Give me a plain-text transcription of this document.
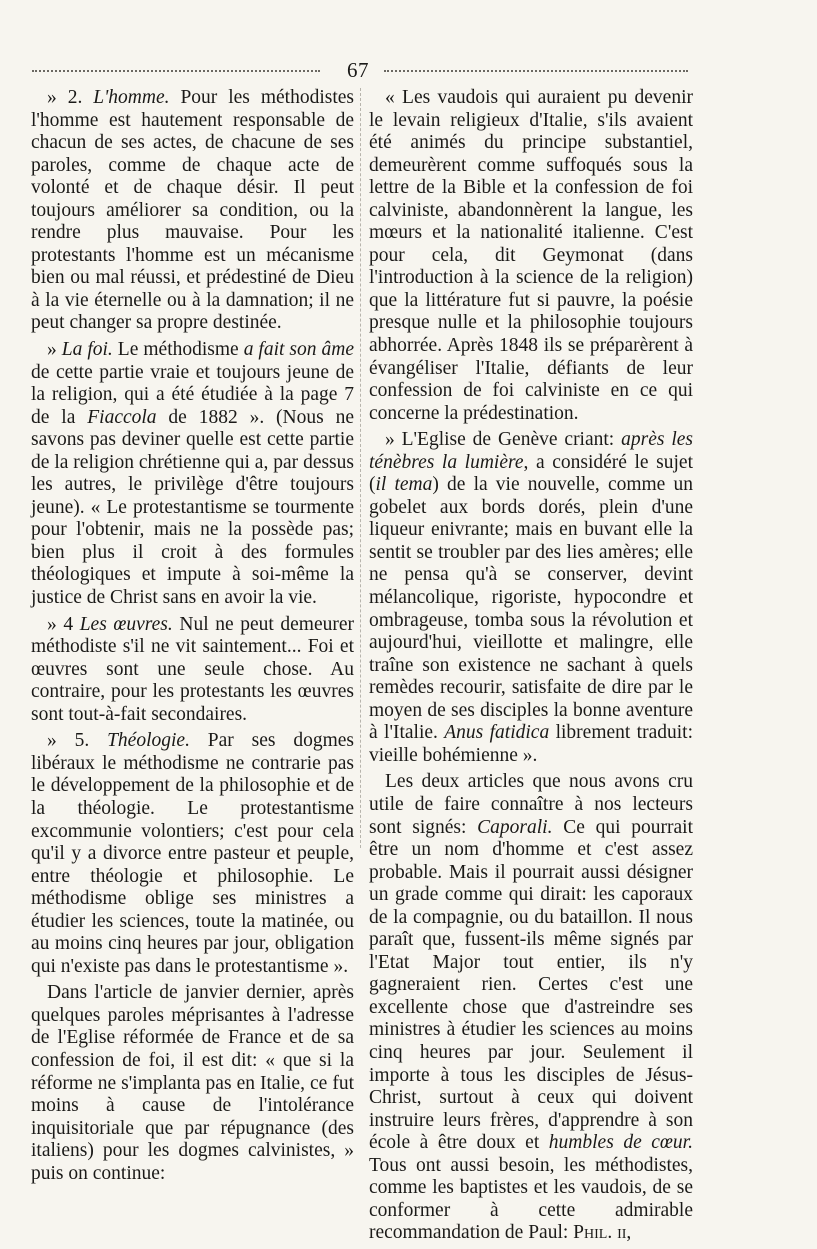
67

» 2. L'homme. Pour les méthodistes l'homme est hautement responsable de chacun de ses actes, de chacune de ses paroles, comme de chaque acte de volonté et de chaque désir. Il peut toujours améliorer sa condition, ou la rendre plus mauvaise. Pour les protestants l'homme est un mécanisme bien ou mal réussi, et prédestiné de Dieu à la vie éternelle ou à la damnation; il ne peut changer sa propre destinée.

» La foi. Le méthodisme a fait son âme de cette partie vraie et toujours jeune de la religion, qui a été étudiée à la page 7 de la Fiaccola de 1882 ». (Nous ne savons pas deviner quelle est cette partie de la religion chrétienne qui a, par dessus les autres, le privilège d'être toujours jeune). « Le protestantisme se tourmente pour l'obtenir, mais ne la possède pas; bien plus il croit à des formules théologiques et impute à soi-même la justice de Christ sans en avoir la vie.

» 4 Les œuvres. Nul ne peut demeurer méthodiste s'il ne vit saintement... Foi et œuvres sont une seule chose. Au contraire, pour les protestants les œuvres sont tout-à-fait secondaires.

» 5. Théologie. Par ses dogmes libéraux le méthodisme ne contrarie pas le développement de la philosophie et de la théologie. Le protestantisme excommunie volontiers; c'est pour cela qu'il y a divorce entre pasteur et peuple, entre théologie et philosophie. Le méthodisme oblige ses ministres a étudier les sciences, toute la matinée, ou au moins cinq heures par jour, obligation qui n'existe pas dans le protestantisme ».

Dans l'article de janvier dernier, après quelques paroles méprisantes à l'adresse de l'Eglise réformée de France et de sa confession de foi, il est dit: « que si la réforme ne s'implanta pas en Italie, ce fut moins à cause de l'intolérance inquisitoriale que par répugnance (des italiens) pour les dogmes calvinistes, » puis on continue:

« Les vaudois qui auraient pu devenir le levain religieux d'Italie, s'ils avaient été animés du principe substantiel, demeurèrent comme suffoqués sous la lettre de la Bible et la confession de foi calviniste, abandonnèrent la langue, les mœurs et la nationalité italienne. C'est pour cela, dit Geymonat (dans l'introduction à la science de la religion) que la littérature fut si pauvre, la poésie presque nulle et la philosophie toujours abhorrée. Après 1848 ils se préparèrent à évangéliser l'Italie, défiants de leur confession de foi calviniste en ce qui concerne la prédestination.

» L'Eglise de Genève criant: après les ténèbres la lumière, a considéré le sujet (il tema) de la vie nouvelle, comme un gobelet aux bords dorés, plein d'une liqueur enivrante; mais en buvant elle la sentit se troubler par des lies amères; elle ne pensa qu'à se conserver, devint mélancolique, rigoriste, hypocondre et ombrageuse, tomba sous la révolution et aujourd'hui, vieillotte et malingre, elle traîne son existence ne sachant à quels remèdes recourir, satisfaite de dire par le moyen de ses disciples la bonne aventure à l'Italie. Anus fatidica librement traduit: vieille bohémienne ».

Les deux articles que nous avons cru utile de faire connaître à nos lecteurs sont signés: Caporali. Ce qui pourrait être un nom d'homme et c'est assez probable. Mais il pourrait aussi désigner un grade comme qui dirait: les caporaux de la compagnie, ou du bataillon. Il nous paraît que, fussent-ils même signés par l'Etat Major tout entier, ils n'y gagneraient rien. Certes c'est une excellente chose que d'astreindre ses ministres à étudier les sciences au moins cinq heures par jour. Seulement il importe à tous les disciples de Jésus-Christ, surtout à ceux qui doivent instruire leurs frères, d'apprendre à son école à être doux et humbles de cœur. Tous ont aussi besoin, les méthodistes, comme les baptistes et les vaudois, de se conformer à cette admirable recommandation de Paul: Phil. ii,
